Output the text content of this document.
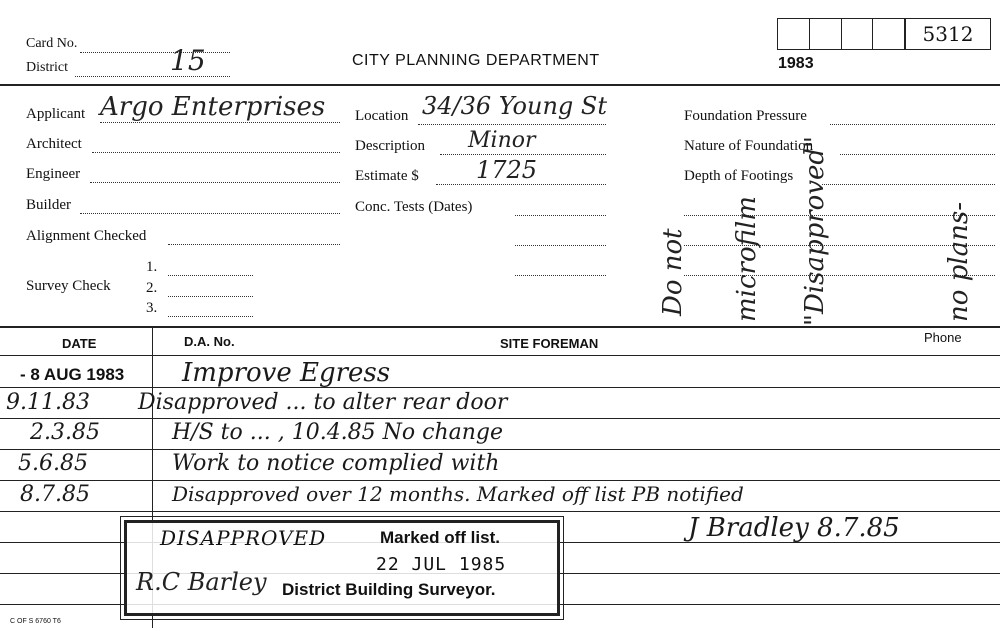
Card No.
District	15	CITY PLANNING DEPARTMENT	1983
5312
Applicant Argo Enterprises
Architect
Engineer
Builder
Alignment Checked
Survey Check
1.
2.
3.
Location 34/36 Young St
Description Minor
Estimate $ 1725
Conc. Tests (Dates)
Foundation Pressure
Nature of Foundation
Depth of Footings
Do not microfilm "Disapproved"	no plans-
DATE	D.A. No.	SITE FOREMAN	Phone
- 8 AUG 1983 Improve Egress
9.11.83 Disapproved ... to alter rear door
2.3.85	H/S to ... , 10.4.85 No change
5.6.85	Work to notice complied with
8.7.85	Disapproved over 12 months. Marked off list PB notified
J Bradley 8.7.85
DISAPPROVED	Marked off list.
22 JUL 1985
District Building Surveyor.
R.C Barley
C OF S 6760 T6
